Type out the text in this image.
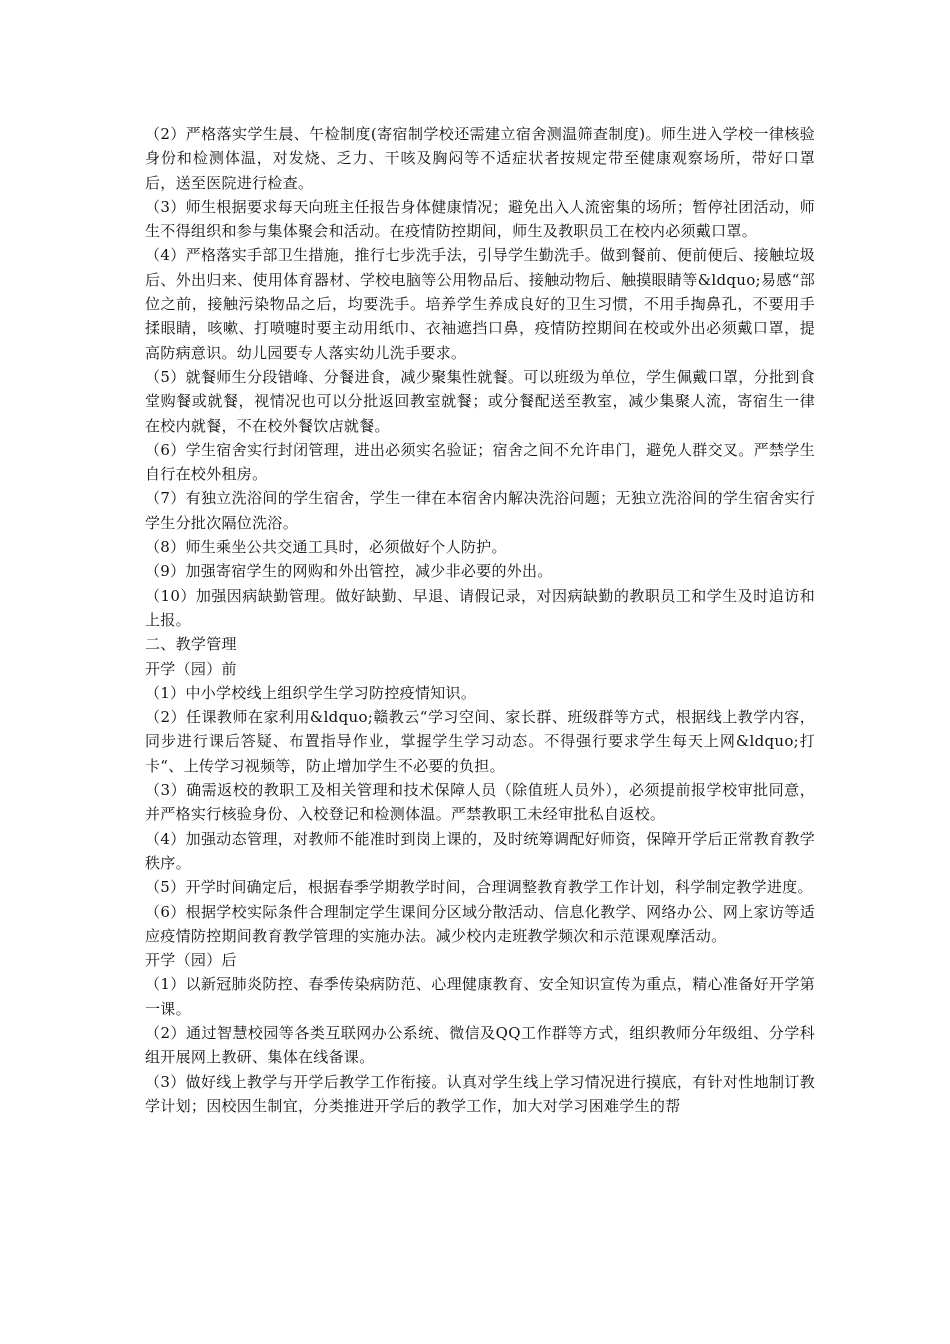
（2）严格落实学生晨、午检制度(寄宿制学校还需建立宿舍测温筛查制度)。师生进入学校一律核验身份和检测体温，对发烧、乏力、干咳及胸闷等不适症状者按规定带至健康观察场所，带好口罩后，送至医院进行检查。

（3）师生根据要求每天向班主任报告身体健康情况；避免出入人流密集的场所；暂停社团活动，师生不得组织和参与集体聚会和活动。在疫情防控期间，师生及教职员工在校内必须戴口罩。

（4）严格落实手部卫生措施，推行七步洗手法，引导学生勤洗手。做到餐前、便前便后、接触垃圾后、外出归来、使用体育器材、学校电脑等公用物品后、接触动物后、触摸眼睛等&ldquo;易感“部位之前，接触污染物品之后，均要洗手。培养学生养成良好的卫生习惯，不用手掏鼻孔，不要用手揉眼睛，咳嗽、打喷嚏时要主动用纸巾、衣袖遮挡口鼻，疫情防控期间在校或外出必须戴口罩，提高防病意识。幼儿园要专人落实幼儿洗手要求。

（5）就餐师生分段错峰、分餐进食，减少聚集性就餐。可以班级为单位，学生佩戴口罩，分批到食堂购餐或就餐，视情况也可以分批返回教室就餐；或分餐配送至教室，减少集聚人流，寄宿生一律在校内就餐，不在校外餐饮店就餐。

（6）学生宿舍实行封闭管理，进出必须实名验证；宿舍之间不允许串门，避免人群交叉。严禁学生自行在校外租房。

（7）有独立洗浴间的学生宿舍，学生一律在本宿舍内解决洗浴问题；无独立洗浴间的学生宿舍实行学生分批次隔位洗浴。

（8）师生乘坐公共交通工具时，必须做好个人防护。

（9）加强寄宿学生的网购和外出管控，减少非必要的外出。

（10）加强因病缺勤管理。做好缺勤、早退、请假记录，对因病缺勤的教职员工和学生及时追访和上报。

二、教学管理

开学（园）前

（1）中小学校线上组织学生学习防控疫情知识。

（2）任课教师在家利用&ldquo;赣教云“学习空间、家长群、班级群等方式，根据线上教学内容，同步进行课后答疑、布置指导作业，掌握学生学习动态。不得强行要求学生每天上网&ldquo;打卡“、上传学习视频等，防止增加学生不必要的负担。

（3）确需返校的教职工及相关管理和技术保障人员（除值班人员外），必须提前报学校审批同意，并严格实行核验身份、入校登记和检测体温。严禁教职工未经审批私自返校。

（4）加强动态管理，对教师不能准时到岗上课的，及时统筹调配好师资，保障开学后正常教育教学秩序。

（5）开学时间确定后，根据春季学期教学时间，合理调整教育教学工作计划，科学制定教学进度。

（6）根据学校实际条件合理制定学生课间分区域分散活动、信息化教学、网络办公、网上家访等适应疫情防控期间教育教学管理的实施办法。减少校内走班教学频次和示范课观摩活动。

开学（园）后

（1）以新冠肺炎防控、春季传染病防范、心理健康教育、安全知识宣传为重点，精心准备好开学第一课。

（2）通过智慧校园等各类互联网办公系统、微信及QQ工作群等方式，组织教师分年级组、分学科组开展网上教研、集体在线备课。

（3）做好线上教学与开学后教学工作衔接。认真对学生线上学习情况进行摸底，有针对性地制订教学计划；因校因生制宜，分类推进开学后的教学工作，加大对学习困难学生的帮
